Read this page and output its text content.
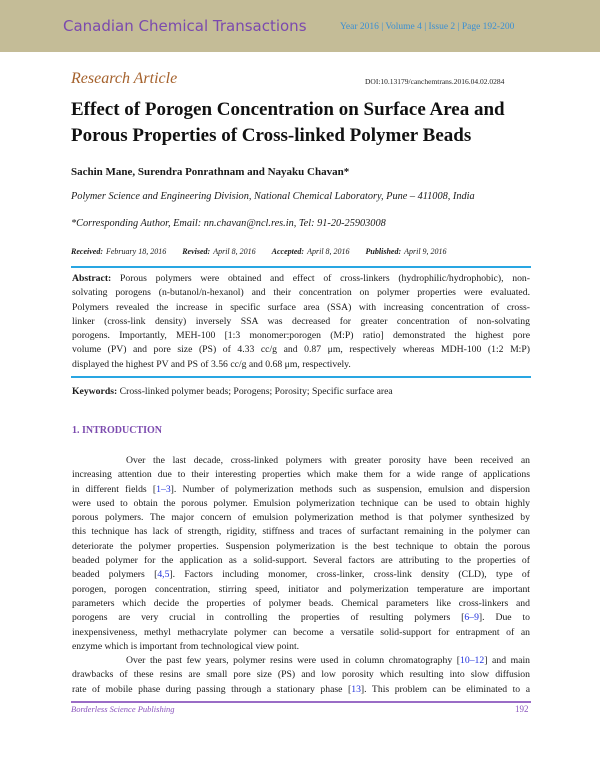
Canadian Chemical Transactions	Year 2016 | Volume 4 | Issue 2 | Page 192-200
Research Article	DOI:10.13179/canchemtrans.2016.04.02.0284
Effect of Porogen Concentration on Surface Area and
Porous Properties of Cross-linked Polymer Beads
Sachin Mane, Surendra Ponrathnam and Nayaku Chavan*
Polymer Science and Engineering Division, National Chemical Laboratory, Pune – 411008, India
*Corresponding Author, Email: nn.chavan@ncl.res.in, Tel: 91-20-25903008
Received: February 18, 2016 Revised: April 8, 2016 Accepted: April 8, 2016 Published: April 9, 2016
Abstract: Porous polymers were obtained and effect of cross-linkers (hydrophilic/hydrophobic), non-
solvating porogens (n-butanol/n-hexanol) and their concentration on polymer properties were evaluated.
Polymers revealed the increase in specific surface area (SSA) with increasing concentration of cross-
linker (cross-link density) inversely SSA was decreased for greater concentration of non-solvating
porogens. Importantly, MEH-100 [1:3 monomer:porogen (M:P) ratio] demonstrated the highest pore
volume (PV) and pore size (PS) of 4.33 cc/g and 0.87 μm, respectively whereas MDH-100 (1:2 M:P)
displayed the highest PV and PS of 3.56 cc/g and 0.68 μm, respectively.
Keywords: Cross-linked polymer beads; Porogens; Porosity; Specific surface area
1. INTRODUCTION
Over the last decade, cross-linked polymers with greater porosity have been received an
increasing attention due to their interesting properties which make them for a wide range of applications
in different fields [1–3]. Number of polymerization methods such as suspension, emulsion and dispersion
were used to obtain the porous polymer. Emulsion polymerization technique can be used to obtain highly
porous polymers. The major concern of emulsion polymerization method is that polymer synthesized by
this technique has lack of strength, rigidity, stiffness and traces of surfactant remaining in the polymer can
deteriorate the polymer properties. Suspension polymerization is the best technique to obtain the porous
beaded polymer for the application as a solid-support. Several factors are attributing to the properties of
beaded polymers [4,5]. Factors including monomer, cross-linker, cross-link density (CLD), type of
porogen, porogen concentration, stirring speed, initiator and polymerization temperature are important
parameters which decide the properties of polymer beads. Chemical parameters like cross-linkers and
porogens are very crucial in controlling the properties of resulting polymers [6–9]. Due to
inexpensiveness, methyl methacrylate polymer can become a versatile solid-support for entrapment of an
enzyme which is important from technological view point.
Over the past few years, polymer resins were used in column chromatography [10–12] and main
drawbacks of these resins are small pore size (PS) and low porosity which resulting into slow diffusion
rate of mobile phase during passing through a stationary phase [13]. This problem can be eliminated to a
Borderless Science Publishing	192
